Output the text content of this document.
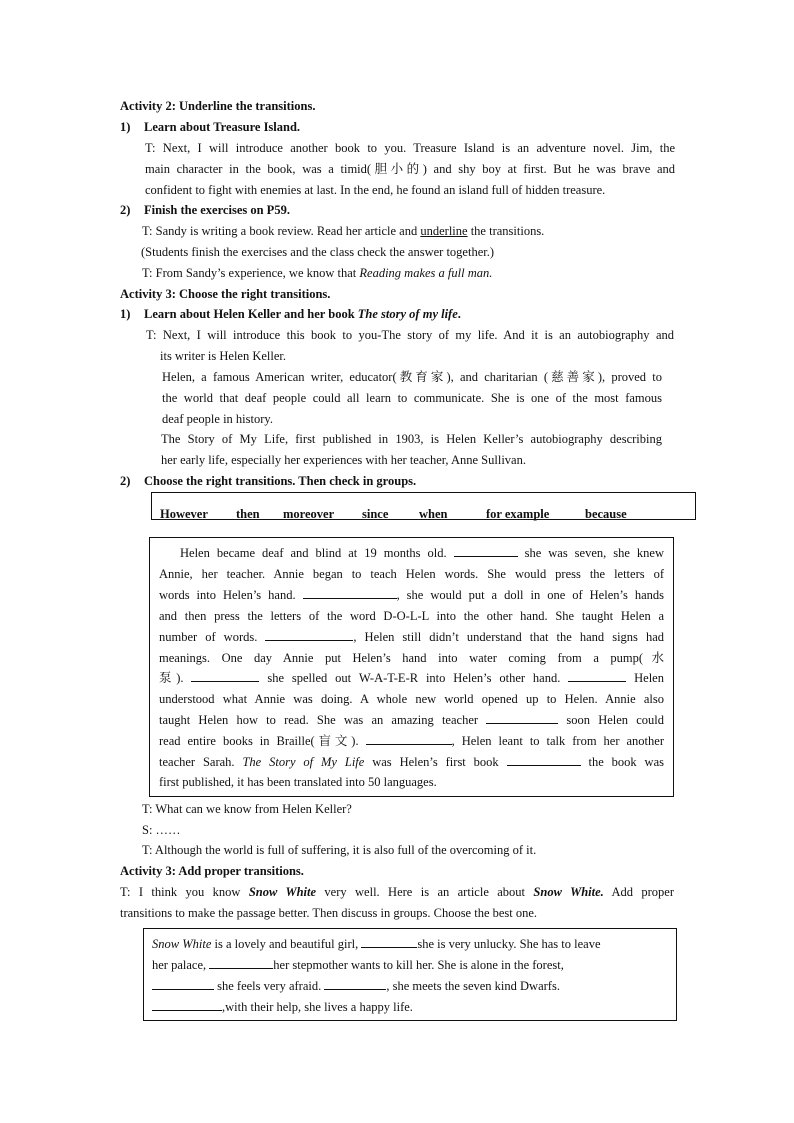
Activity 2: Underline the transitions.
1) Learn about Treasure Island.
T: Next, I will introduce another book to you. Treasure Island is an adventure novel. Jim, the
main character in the book, was a timid(胆小的) and shy boy at first. But he was brave and
confident to fight with enemies at last. In the end, he found an island full of hidden treasure.
2) Finish the exercises on P59.
T: Sandy is writing a book review. Read her article and underline the transitions.
(Students finish the exercises and the class check the answer together.)
T: From Sandy’s experience, we know that Reading makes a full man.
Activity 3: Choose the right transitions.
1) Learn about Helen Keller and her book The story of my life.
T: Next, I will introduce this book to you-The story of my life. And it is an autobiography and
its writer is Helen Keller.
Helen, a famous American writer, educator(教育家), and charitarian (慈善家), proved to
the world that deaf people could all learn to communicate. She is one of the most famous
deaf people in history.
The Story of My Life, first published in 1903, is Helen Keller’s autobiography describing
her early life, especially her experiences with her teacher, Anne Sullivan.
2) Choose the right transitions. Then check in groups.
However then moreover since when	for example	because
Helen became deaf and blind at 19 months old.	she was seven, she knew
Annie, her teacher. Annie began to teach Helen words. She would press the letters of
words into Helen’s hand.	, she would put a doll in one of Helen’s hands
and then press the letters of the word D-O-L-L into the other hand. She taught Helen a
number of words.	, Helen still didn’t understand that the hand signs had
meanings. One day Annie put Helen’s hand into water coming from a pump(水
泵).	she spelled out W-A-T-E-R into Helen’s other hand.	Helen
understood what Annie was doing. A whole new world opened up to Helen. Annie also
taught Helen how to read. She was an amazing teacher	soon Helen could
read entire books in Braille(盲文).	, Helen leant to talk from her another
teacher Sarah. The Story of My Life was Helen’s first book	the book was
first published, it has been translated into 50 languages.
T: What can we know from Helen Keller?
S: ……
T: Although the world is full of suffering, it is also full of the overcoming of it.
Activity 3: Add proper transitions.
T: I think you know Snow White very well. Here is an article about Snow White. Add proper
transitions to make the passage better. Then discuss in groups. Choose the best one.
Snow White is a lovely and beautiful girl,	she is very unlucky. She has to leave
her palace,	her stepmother wants to kill her. She is alone in the forest,
she feels very afraid.	, she meets the seven kind Dwarfs.
,with their help, she lives a happy life.
